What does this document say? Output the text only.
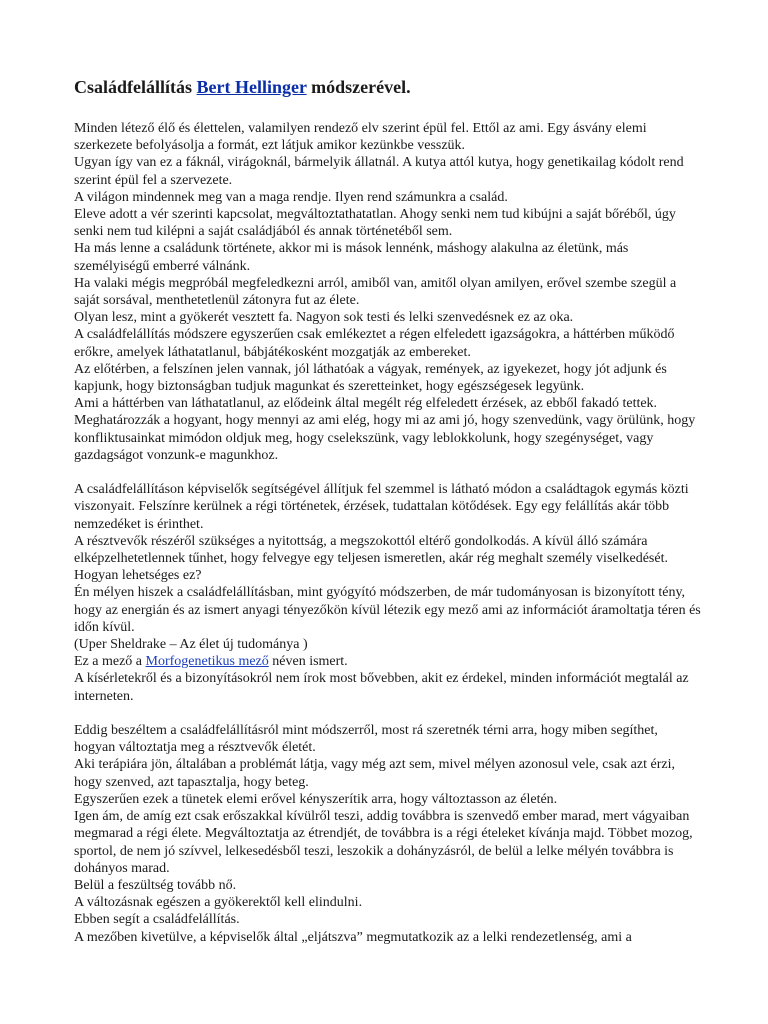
Családfelállítás Bert Hellinger módszerével.

Minden létező élő és élettelen, valamilyen rendező elv szerint épül fel. Ettől az ami. Egy ásvány elemi szerkezete befolyásolja a formát, ezt látjuk amikor kezünkbe vesszük.

Ugyan így van ez a fáknál, virágoknál, bármelyik állatnál. A kutya attól kutya, hogy genetikailag kódolt rend szerint épül fel a szervezete.

A világon mindennek meg van a maga rendje. Ilyen rend számunkra a család.

Eleve adott a vér szerinti kapcsolat, megváltoztathatatlan. Ahogy senki nem tud kibújni a saját bőréből, úgy senki nem tud kilépni a saját családjából és annak történetéből sem.

Ha más lenne a családunk története, akkor mi is mások lennénk, máshogy alakulna az életünk, más személyiségű emberré válnánk.

Ha valaki mégis megpróbál megfeledkezni arról, amiből van, amitől olyan amilyen, erővel szembe szegül a saját sorsával, menthetetlenül zátonyra fut az élete.

Olyan lesz, mint a gyökerét vesztett fa. Nagyon sok testi és lelki szenvedésnek ez az oka.

A családfelállítás módszere egyszerűen csak emlékeztet a régen elfeledett igazságokra, a háttérben működő erőkre, amelyek láthatatlanul, bábjátékosként mozgatják az embereket.

Az előtérben, a felszínen jelen vannak, jól láthatóak a vágyak, remények, az igyekezet, hogy jót adjunk és kapjunk, hogy biztonságban tudjuk magunkat és szeretteinket, hogy egészségesek legyünk.

Ami a háttérben van láthatatlanul, az elődeink által megélt rég elfeledett érzések, az ebből fakadó tettek. Meghatározzák a hogyant, hogy mennyi az ami elég, hogy mi az ami jó, hogy szenvedünk, vagy örülünk, hogy konfliktusainkat mimódon oldjuk meg, hogy cselekszünk, vagy leblokkolunk, hogy szegénységet, vagy gazdagságot vonzunk-e magunkhoz.

A családfelállításon képviselők segítségével állítjuk fel szemmel is látható módon a családtagok egymás közti viszonyait. Felszínre kerülnek a régi történetek, érzések, tudattalan kötődések. Egy egy felállítás akár több nemzedéket is érinthet.

A résztvevők részéről szükséges a nyitottság, a megszokottól eltérő gondolkodás. A kívül álló számára elképzelhetetlennek tűnhet, hogy felvegye egy teljesen ismeretlen, akár rég meghalt személy viselkedését.

Hogyan lehetséges ez?

Én mélyen hiszek a családfelállításban, mint gyógyító módszerben, de már tudományosan is bizonyított tény, hogy az energián és az ismert anyagi tényezőkön kívül létezik egy mező ami az információt áramoltatja téren és időn kívül.

(Uper Sheldrake – Az élet új tudománya )

Ez a mező a Morfogenetikus mező néven ismert.

A kísérletekről és a bizonyításokról nem írok most bővebben, akit ez érdekel, minden információt megtalál az interneten.

Eddig beszéltem a családfelállításról mint módszerről, most rá szeretnék térni arra, hogy miben segíthet, hogyan változtatja meg a résztvevők életét.

Aki terápiára jön, általában a problémát látja, vagy még azt sem, mivel mélyen azonosul vele, csak azt érzi, hogy szenved, azt tapasztalja, hogy beteg.

Egyszerűen ezek a tünetek elemi erővel kényszerítik arra, hogy változtasson az életén.

Igen ám, de amíg ezt csak erőszakkal kívülről teszi, addig továbbra is szenvedő ember marad, mert vágyaiban megmarad a régi élete. Megváltoztatja az étrendjét, de továbbra is a régi ételeket kívánja majd. Többet mozog, sportol, de nem jó szívvel, lelkesedésből teszi, leszokik a dohányzásról, de belül a lelke mélyén továbbra is dohányos marad.

Belül a feszültség tovább nő.

A változásnak egészen a gyökerektől kell elindulni.

Ebben segít a családfelállítás.

A mezőben kivetülve, a képviselők által „eljátszva” megmutatkozik az a lelki rendezetlenség, ami a
